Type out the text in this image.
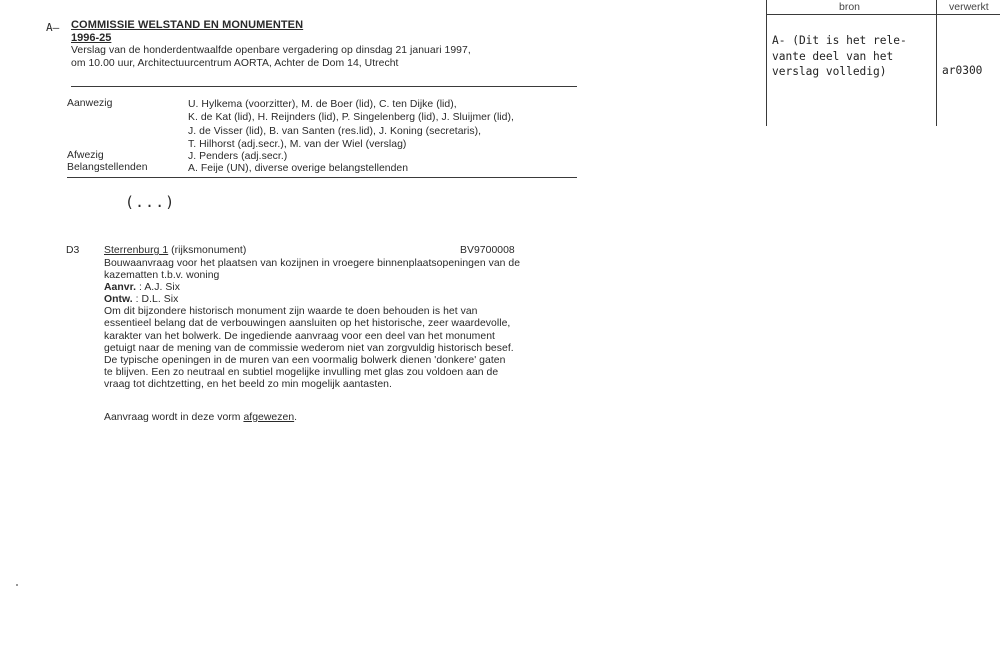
A– COMMISSIE WELSTAND EN MONUMENTEN
1996-25
Verslag van de honderdentwaalfde openbare vergadering op dinsdag 21 januari 1997,
om 10.00 uur, Architectuurcentrum AORTA, Achter de Dom 14, Utrecht
Aanwezig	U. Hylkema (voorzitter), M. de Boer (lid), C. ten Dijke (lid),
K. de Kat (lid), H. Reijnders (lid), P. Singelenberg (lid), J. Sluijmer (lid),
J. de Visser (lid), B. van Santen (res.lid), J. Koning (secretaris),
T. Hilhorst (adj.secr.), M. van der Wiel (verslag)
Afwezig	J. Penders (adj.secr.)
Belangstellenden	A. Feije (UN), diverse overige belangstellenden
(...)
D3 Sterrenburg 1 (rijksmonument)	BV9700008
Bouwaanvraag voor het plaatsen van kozijnen in vroegere binnenplaatsopeningen van de
kazematten t.b.v. woning
Aanvr. : A.J. Six
Ontw. : D.L. Six
Om dit bijzondere historisch monument zijn waarde te doen behouden is het van
essentieel belang dat de verbouwingen aansluiten op het historische, zeer waardevolle,
karakter van het bolwerk. De ingediende aanvraag voor een deel van het monument
getuigt naar de mening van de commissie wederom niet van zorgvuldig historisch besef.
De typische openingen in de muren van een voormalig bolwerk dienen 'donkere' gaten
te blijven. Een zo neutraal en subtiel mogelijke invulling met glas zou voldoen aan de
vraag tot dichtzetting, en het beeld zo min mogelijk aantasten.
Aanvraag wordt in deze vorm afgewezen.
bron	verwerkt
A- (Dit is het rele-
vante deel van het
verslag volledig)	ar0300
